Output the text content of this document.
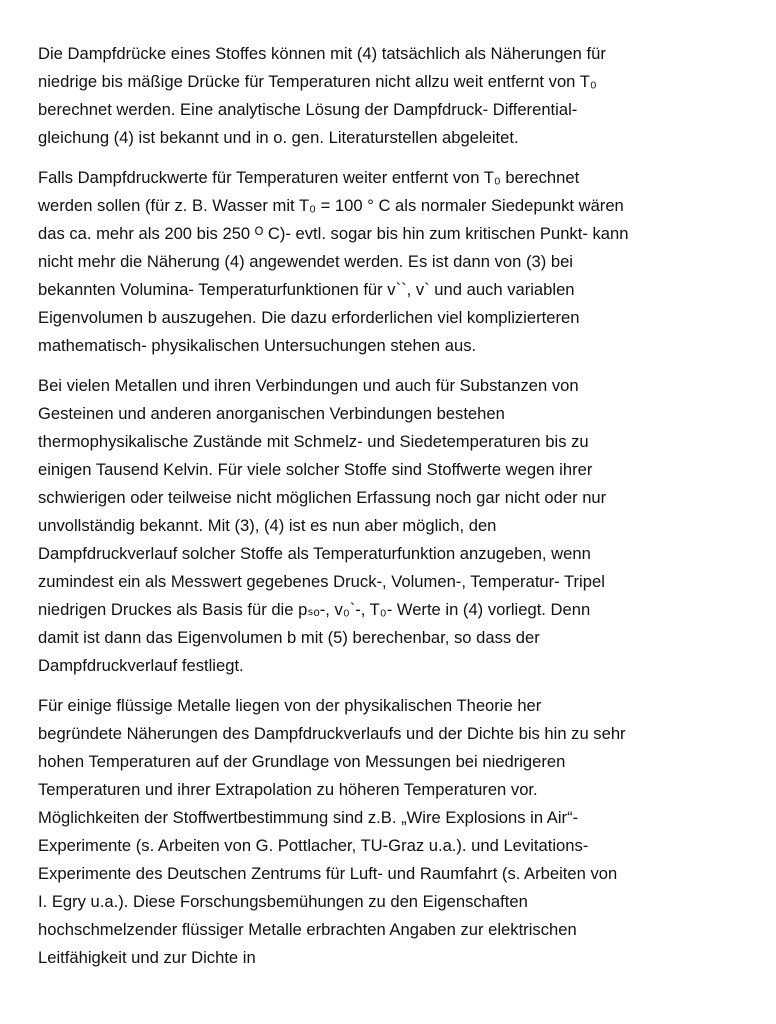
Die Dampfdrücke eines Stoffes können mit (4) tatsächlich als Näherungen für
niedrige bis mäßige Drücke für Temperaturen nicht allzu weit entfernt von T₀
berechnet werden. Eine analytische Lösung der Dampfdruck- Differential-
gleichung (4) ist bekannt und in o. gen. Literaturstellen abgeleitet.

Falls Dampfdruckwerte für Temperaturen weiter entfernt von T₀ berechnet
werden sollen (für z. B. Wasser mit T₀ = 100 ° C als normaler Siedepunkt wären
das ca. mehr als 200 bis 250 ᴼ C)- evtl. sogar bis hin zum kritischen Punkt- kann
nicht mehr die Näherung (4) angewendet werden. Es ist dann von (3) bei
bekannten Volumina- Temperaturfunktionen für v``, v` und auch variablen
Eigenvolumen b auszugehen. Die dazu erforderlichen viel komplizierteren
mathematisch- physikalischen Untersuchungen stehen aus.

Bei vielen Metallen und ihren Verbindungen und auch für Substanzen von
Gesteinen und anderen anorganischen Verbindungen bestehen
thermophysikalische Zustände mit Schmelz- und Siedetemperaturen bis zu
einigen Tausend Kelvin. Für viele solcher Stoffe sind Stoffwerte wegen ihrer
schwierigen oder teilweise nicht möglichen Erfassung noch gar nicht oder nur
unvollständig bekannt. Mit (3), (4) ist es nun aber möglich, den
Dampfdruckverlauf solcher Stoffe als Temperaturfunktion anzugeben, wenn
zumindest ein als Messwert gegebenes Druck-, Volumen-, Temperatur- Tripel
niedrigen Druckes als Basis für die pₛₒ-, v₀`-, T₀- Werte in (4) vorliegt. Denn
damit ist dann das Eigenvolumen b mit (5) berechenbar, so dass der
Dampfdruckverlauf festliegt.

Für einige flüssige Metalle liegen von der physikalischen Theorie her
begründete Näherungen des Dampfdruckverlaufs und der Dichte bis hin zu sehr
hohen Temperaturen auf der Grundlage von Messungen bei niedrigeren
Temperaturen und ihrer Extrapolation zu höheren Temperaturen vor.
Möglichkeiten der Stoffwertbestimmung sind z.B. „Wire Explosions in Air“-
Experimente (s. Arbeiten von G. Pottlacher, TU-Graz u.a.). und Levitations-
Experimente des Deutschen Zentrums für Luft- und Raumfahrt (s. Arbeiten von
I. Egry u.a.). Diese Forschungsbemühungen zu den Eigenschaften
hochschmelzender flüssiger Metalle erbrachten Angaben zur elektrischen
Leitfähigkeit und zur Dichte in
